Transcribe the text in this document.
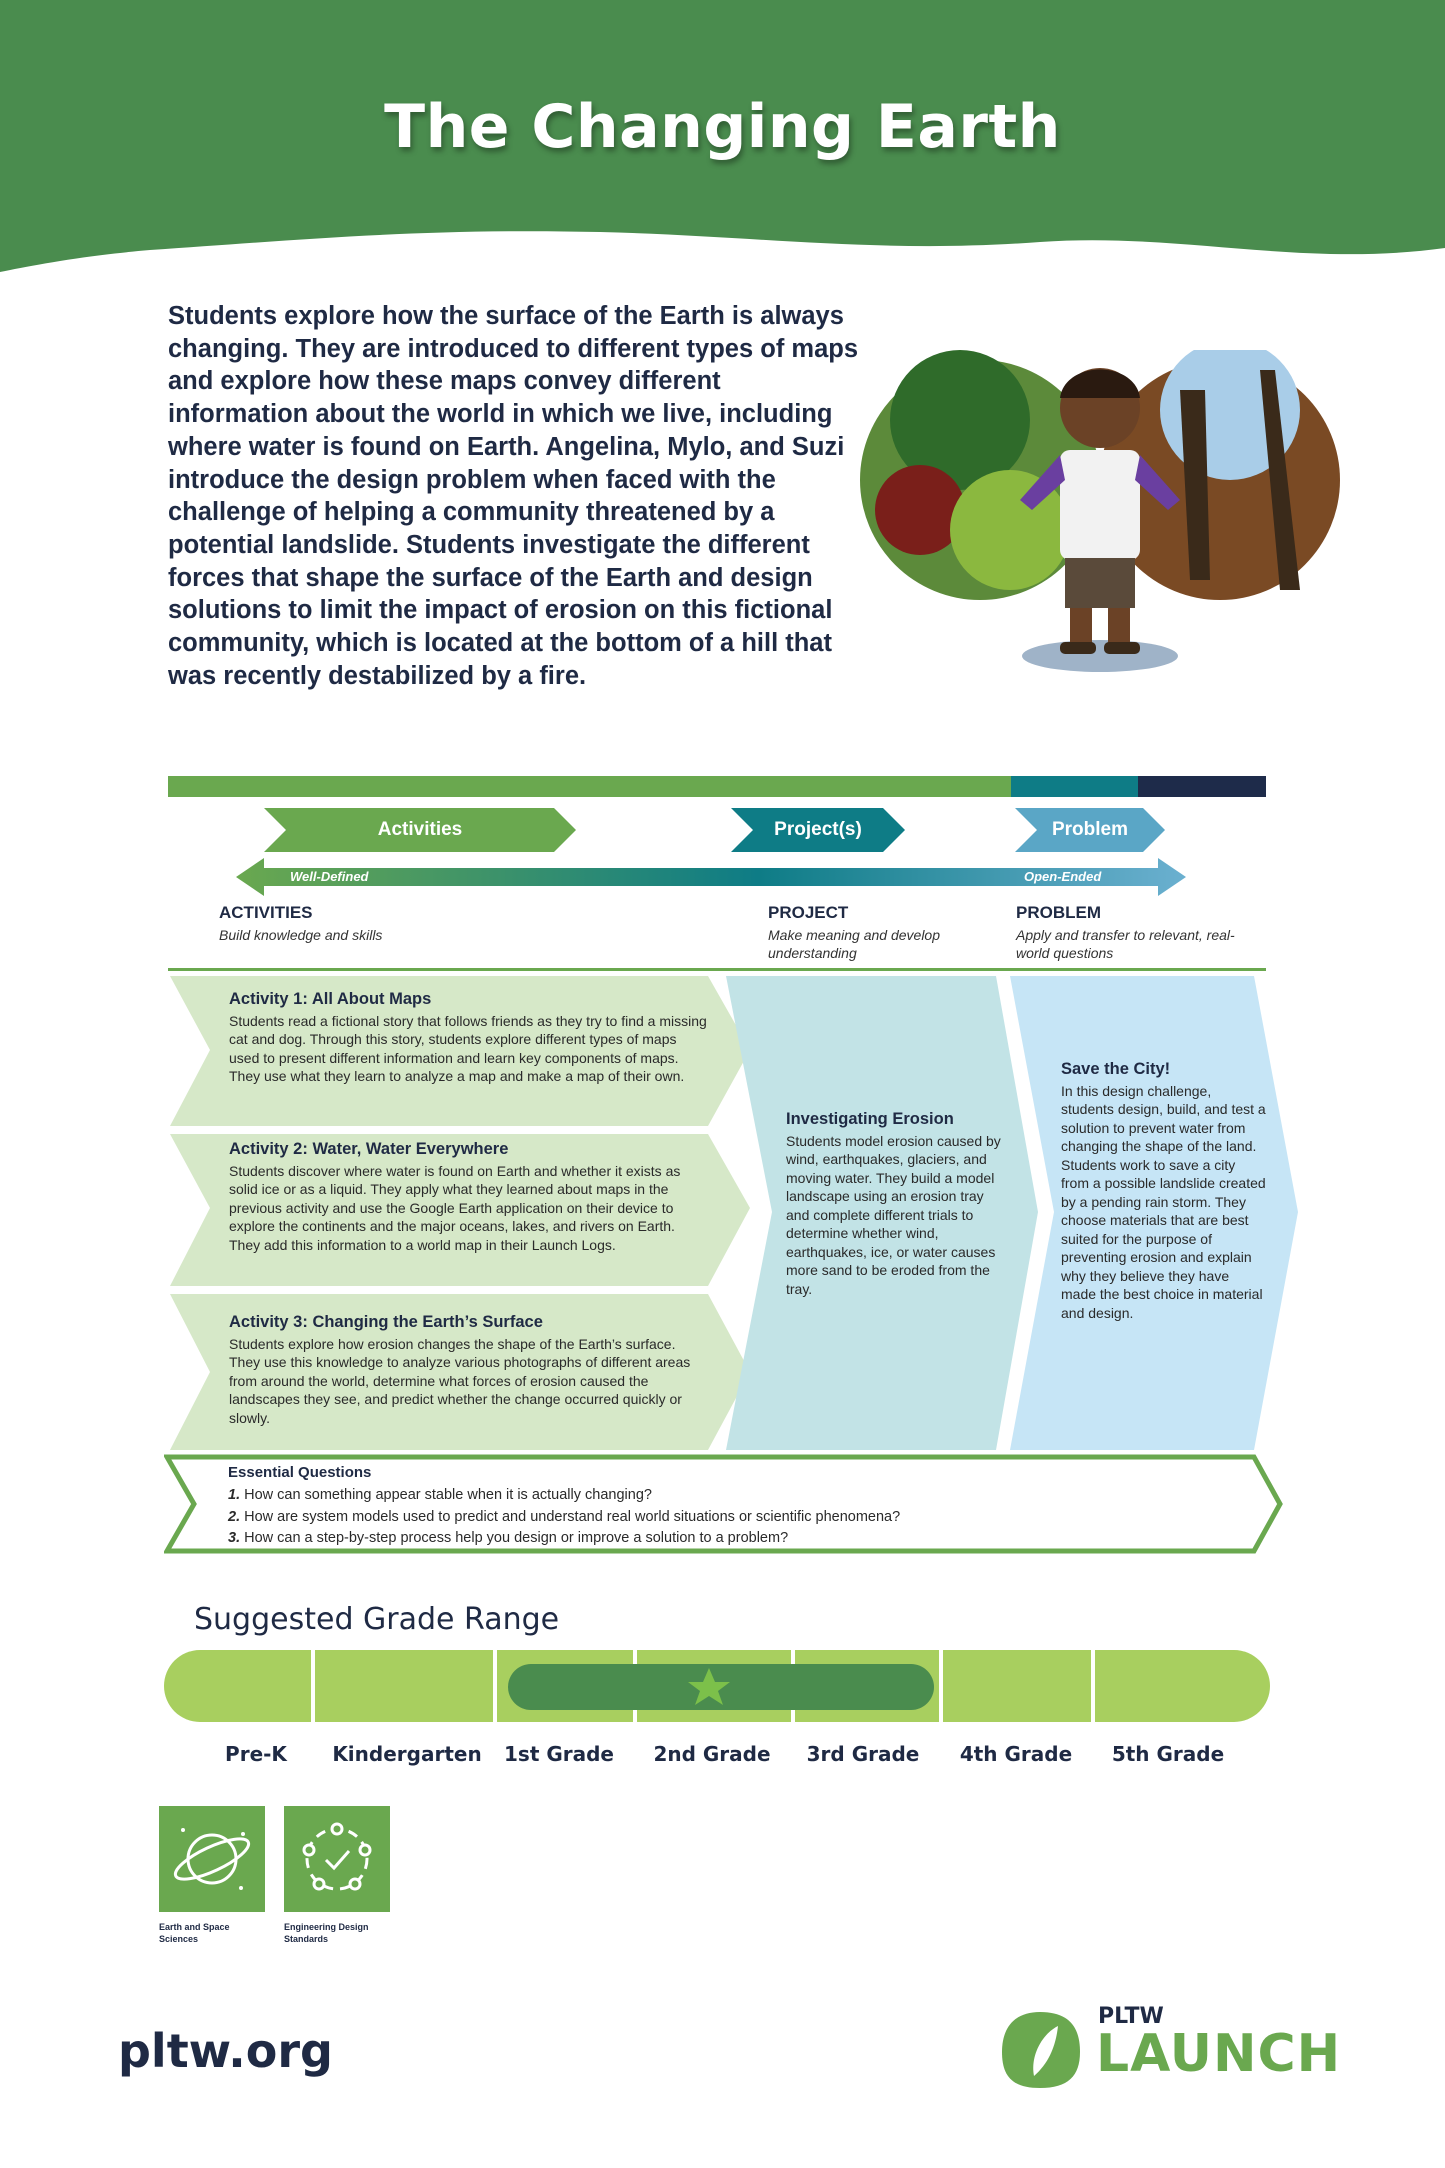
The Changing Earth
Students explore how the surface of the Earth is always changing. They are introduced to different types of maps and explore how these maps convey different information about the world in which we live, including where water is found on Earth. Angelina, Mylo, and Suzi introduce the design problem when faced with the challenge of helping a community threatened by a potential landslide. Students investigate the different forces that shape the surface of the Earth and design solutions to limit the impact of erosion on this fictional community, which is located at the bottom of a hill that was recently destabilized by a fire.
Activities	Project(s)	Problem
Well-Defined	Open-Ended
ACTIVITIES
Build knowledge and skills
PROJECT
Make meaning and develop understanding
PROBLEM
Apply and transfer to relevant, real-world questions
Activity 1: All About Maps
Students read a fictional story that follows friends as they try to find a missing cat and dog. Through this story, students explore different types of maps used to present different information and learn key components of maps. They use what they learn to analyze a map and make a map of their own.
Activity 2: Water, Water Everywhere
Students discover where water is found on Earth and whether it exists as solid ice or as a liquid. They apply what they learned about maps in the previous activity and use the Google Earth application on their device to explore the continents and the major oceans, lakes, and rivers on Earth. They add this information to a world map in their Launch Logs.
Activity 3: Changing the Earth’s Surface
Students explore how erosion changes the shape of the Earth’s surface. They use this knowledge to analyze various photographs of different areas from around the world, determine what forces of erosion caused the landscapes they see, and predict whether the change occurred quickly or slowly.
Investigating Erosion
Students model erosion caused by wind, earthquakes, glaciers, and moving water. They build a model landscape using an erosion tray and complete different trials to determine whether wind, earthquakes, ice, or water causes more sand to be eroded from the tray.
Save the City!
In this design challenge, students design, build, and test a solution to prevent water from changing the shape of the land. Students work to save a city from a possible landslide created by a pending rain storm. They choose materials that are best suited for the purpose of preventing erosion and explain why they believe they have made the best choice in material and design.
Essential Questions
1. How can something appear stable when it is actually changing?
2. How are system models used to predict and understand real world situations or scientific phenomena?
3. How can a step-by-step process help you design or improve a solution to a problem?
Suggested Grade Range
Pre-K	Kindergarten	1st Grade	2nd Grade	3rd Grade	4th Grade	5th Grade
Earth and Space Sciences
Engineering Design Standards
pltw.org
PLTW
LAUNCH
